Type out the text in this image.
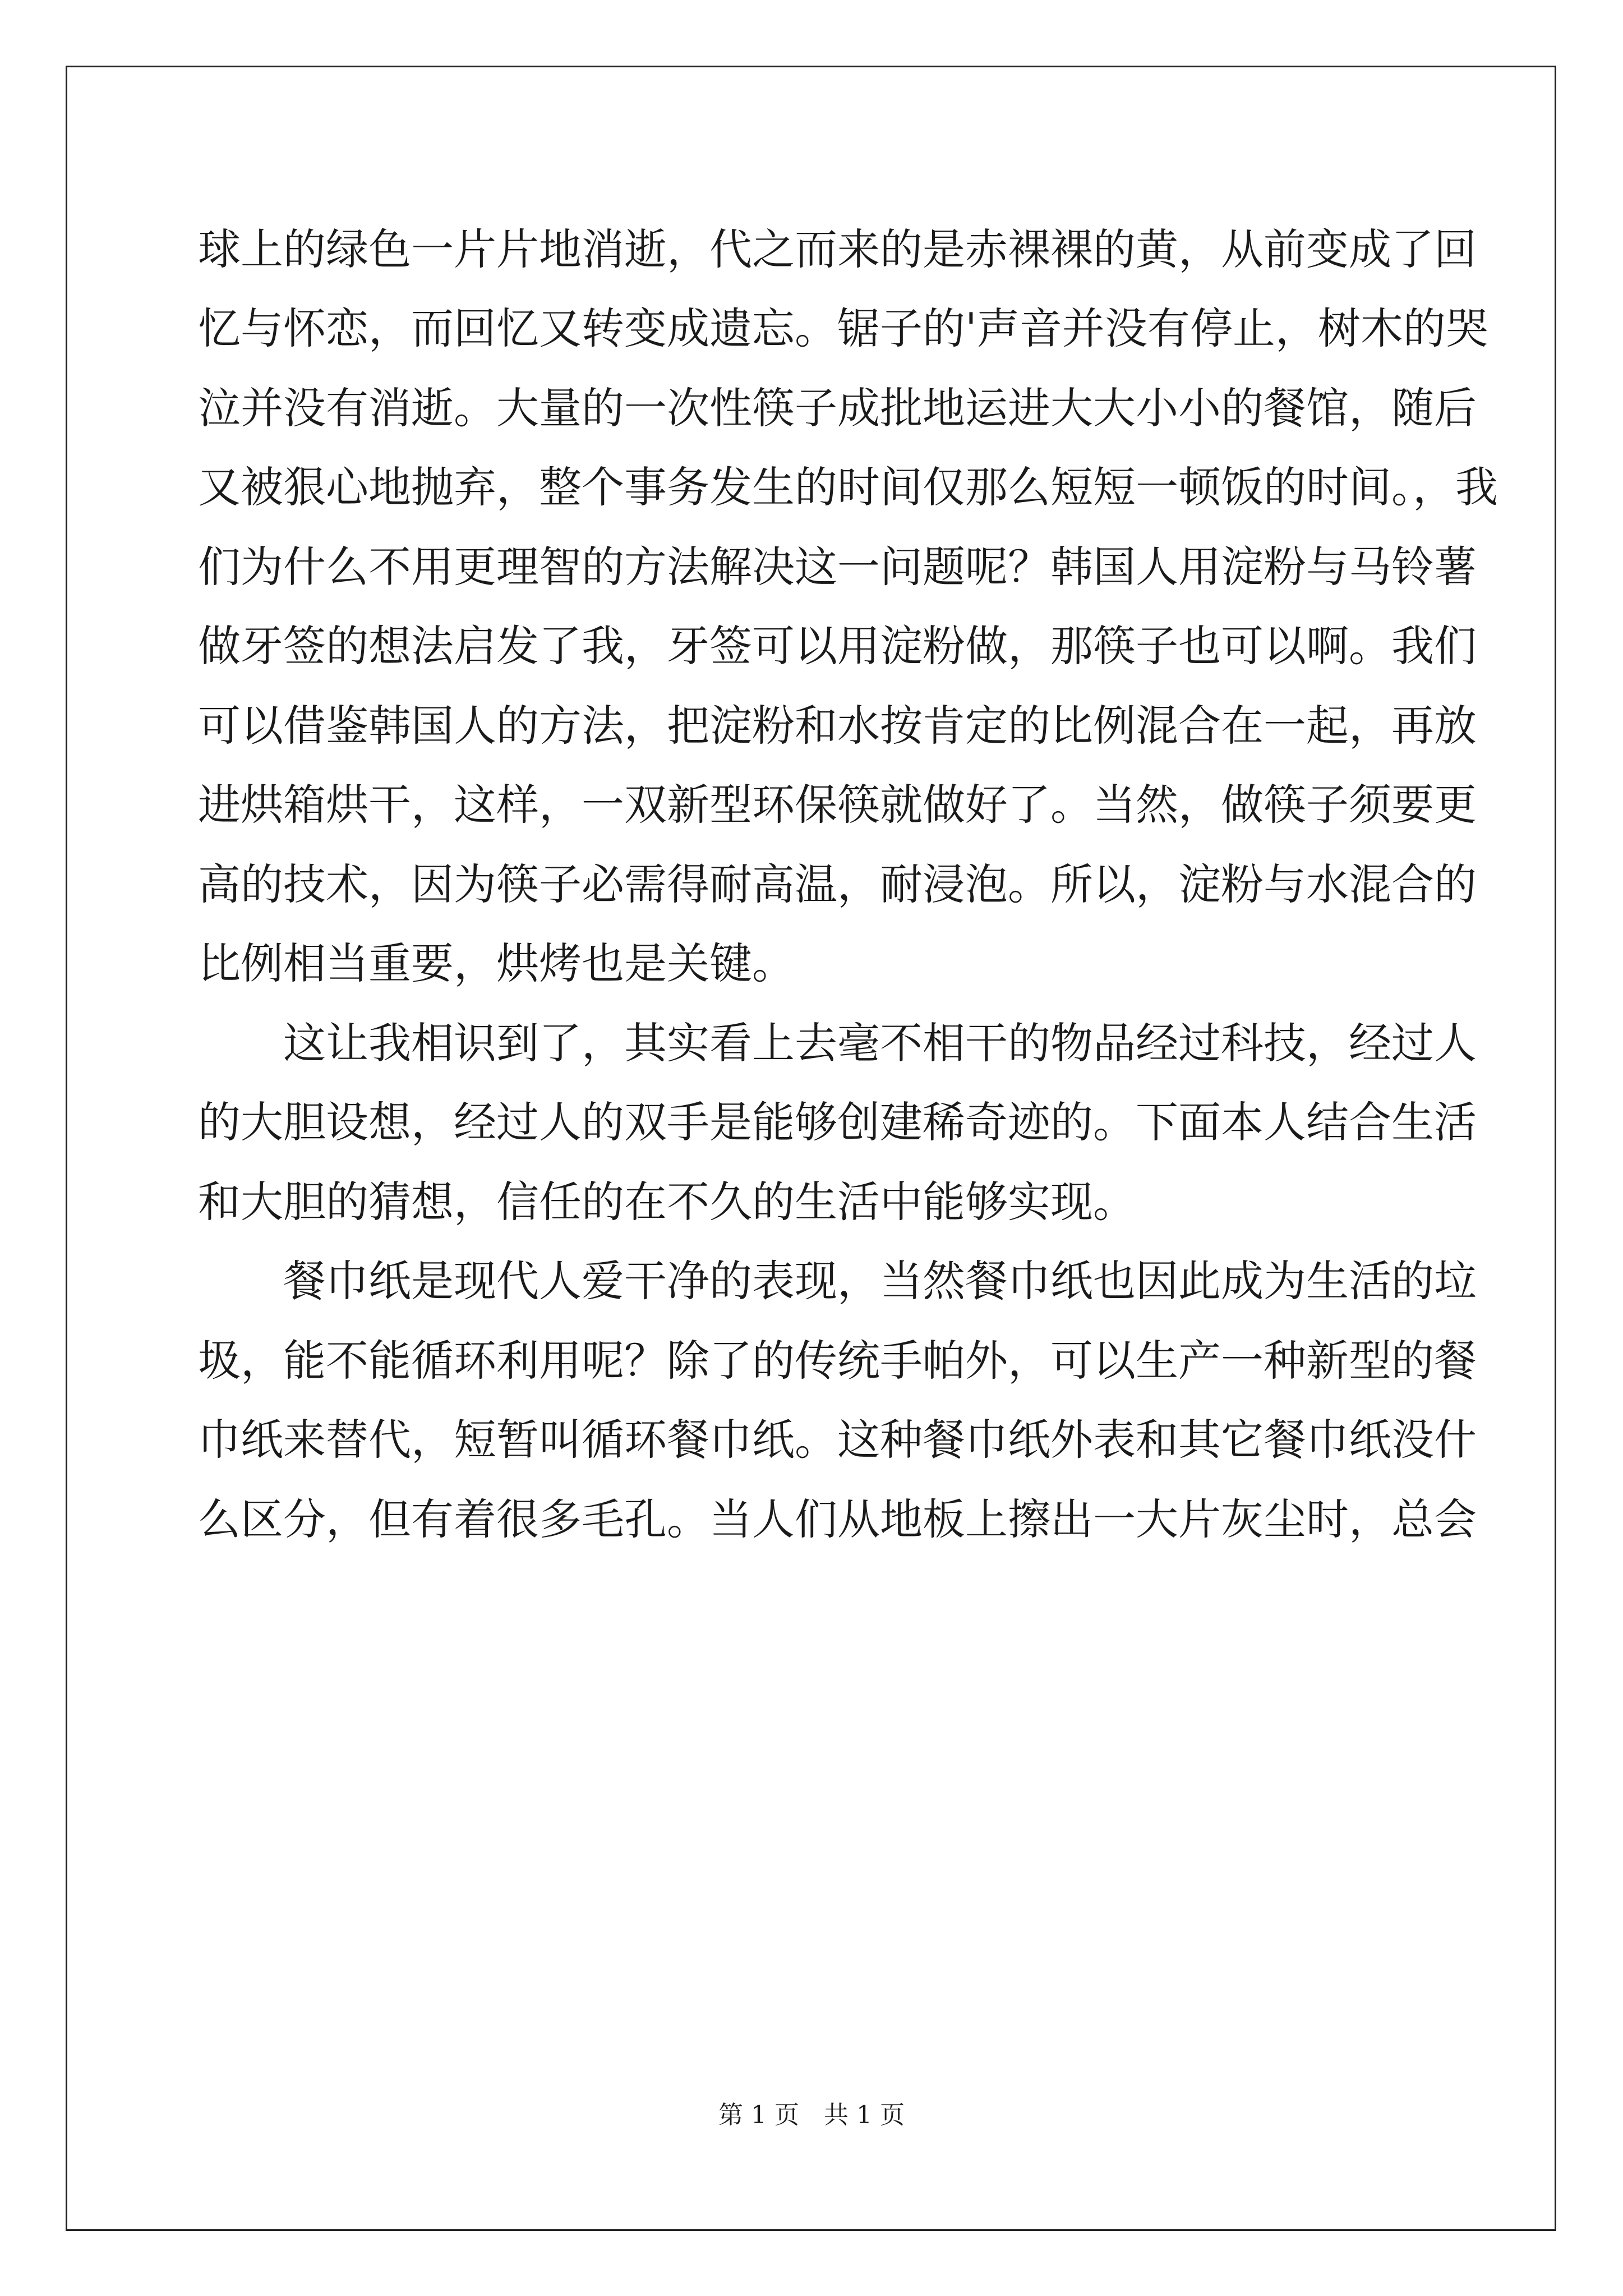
球上的绿色一片片地消逝，代之而来的是赤裸裸的黄，从前变成了回
忆与怀恋，而回忆又转变成遗忘。锯子的'声音并没有停止，树木的哭
泣并没有消逝。大量的一次性筷子成批地运进大大小小的餐馆，随后
又被狠心地抛弃，整个事务发生的时间仅那么短短一顿饭的时间。，我
们为什么不用更理智的方法解决这一问题呢？韩国人用淀粉与马铃薯
做牙签的想法启发了我，牙签可以用淀粉做，那筷子也可以啊。我们
可以借鉴韩国人的方法，把淀粉和水按肯定的比例混合在一起，再放
进烘箱烘干，这样，一双新型环保筷就做好了。当然，做筷子须要更
高的技术，因为筷子必需得耐高温，耐浸泡。所以，淀粉与水混合的
比例相当重要，烘烤也是关键。
这让我相识到了，其实看上去毫不相干的物品经过科技，经过人
的大胆设想，经过人的双手是能够创建稀奇迹的。下面本人结合生活
和大胆的猜想，信任的在不久的生活中能够实现。
餐巾纸是现代人爱干净的表现，当然餐巾纸也因此成为生活的垃
圾，能不能循环利用呢？除了的传统手帕外，可以生产一种新型的餐
巾纸来替代，短暂叫循环餐巾纸。这种餐巾纸外表和其它餐巾纸没什
么区分，但有着很多毛孔。当人们从地板上擦出一大片灰尘时，总会
第 1 页　共 1 页
